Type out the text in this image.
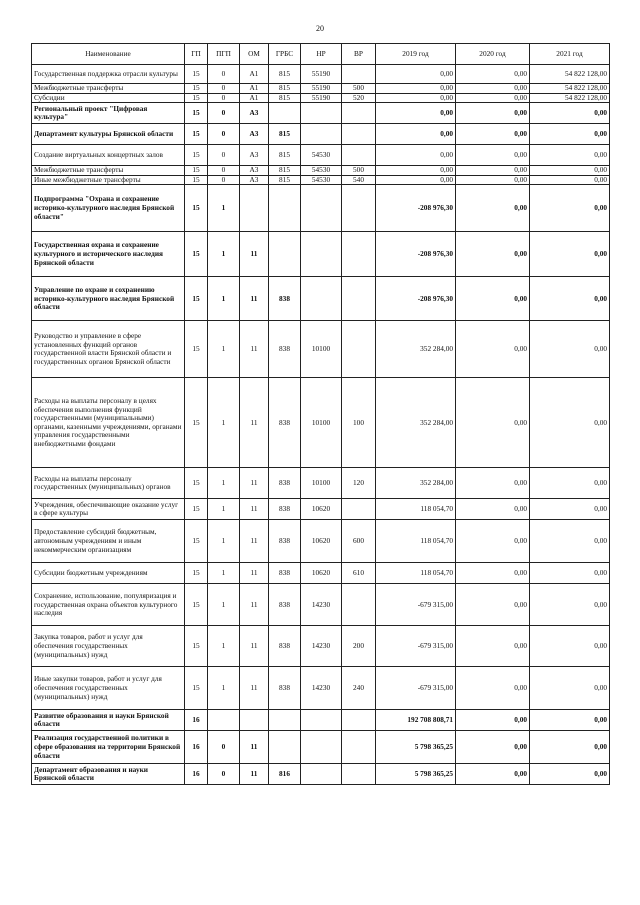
20
Наименование	ГП	ПГП	ОМ	ГРБС	НР	ВР	2019 год	2020 год	2021 год
Государственная поддержка отрасли культуры	15	0	A1	815	55190		0,00	0,00	54 822 128,00
Межбюджетные трансферты	15	0	A1	815	55190	500	0,00	0,00	54 822 128,00
Субсидии	15	0	A1	815	55190	520	0,00	0,00	54 822 128,00
Региональный проект "Цифровая культура"	15	0	A3				0,00	0,00	0,00
Департамент культуры Брянской области	15	0	A3	815			0,00	0,00	0,00
Создание виртуальных концертных залов	15	0	A3	815	54530		0,00	0,00	0,00
Межбюджетные трансферты	15	0	A3	815	54530	500	0,00	0,00	0,00
Иные межбюджетные трансферты	15	0	A3	815	54530	540	0,00	0,00	0,00
Подпрограмма "Охрана и сохранение историко-культурного наследия Брянской области"	15	1					-208 976,30	0,00	0,00
Государственная охрана и сохранение культурного и исторического наследия Брянской области	15	1	11				-208 976,30	0,00	0,00
Управление по охране и сохранению историко-культурного наследия Брянской области	15	1	11	838			-208 976,30	0,00	0,00
Руководство и управление в сфере установленных функций органов государственной власти Брянской области и государственных органов Брянской области	15	1	11	838	10100		352 284,00	0,00	0,00
Расходы на выплаты персоналу в целях обеспечения выполнения функций государственными (муниципальными) органами, казенными учреждениями, органами управления государственными внебюджетными фондами	15	1	11	838	10100	100	352 284,00	0,00	0,00
Расходы на выплаты персоналу государственных (муниципальных) органов	15	1	11	838	10100	120	352 284,00	0,00	0,00
Учреждения, обеспечивающие оказание услуг в сфере культуры	15	1	11	838	10620		118 054,70	0,00	0,00
Предоставление субсидий бюджетным, автономным учреждениям и иным некоммерческим организациям	15	1	11	838	10620	600	118 054,70	0,00	0,00
Субсидии бюджетным учреждениям	15	1	11	838	10620	610	118 054,70	0,00	0,00
Сохранение, использование, популяризация и государственная охрана объектов культурного наследия	15	1	11	838	14230		-679 315,00	0,00	0,00
Закупка товаров, работ и услуг для обеспечения государственных (муниципальных) нужд	15	1	11	838	14230	200	-679 315,00	0,00	0,00
Иные закупки товаров, работ и услуг для обеспечения государственных (муниципальных) нужд	15	1	11	838	14230	240	-679 315,00	0,00	0,00
Развитие образования и науки Брянской области	16						192 708 808,71	0,00	0,00
Реализация государственной политики в сфере образования на территории Брянской области	16	0	11				5 798 365,25	0,00	0,00
Департамент образования и науки Брянской области	16	0	11	816			5 798 365,25	0,00	0,00
